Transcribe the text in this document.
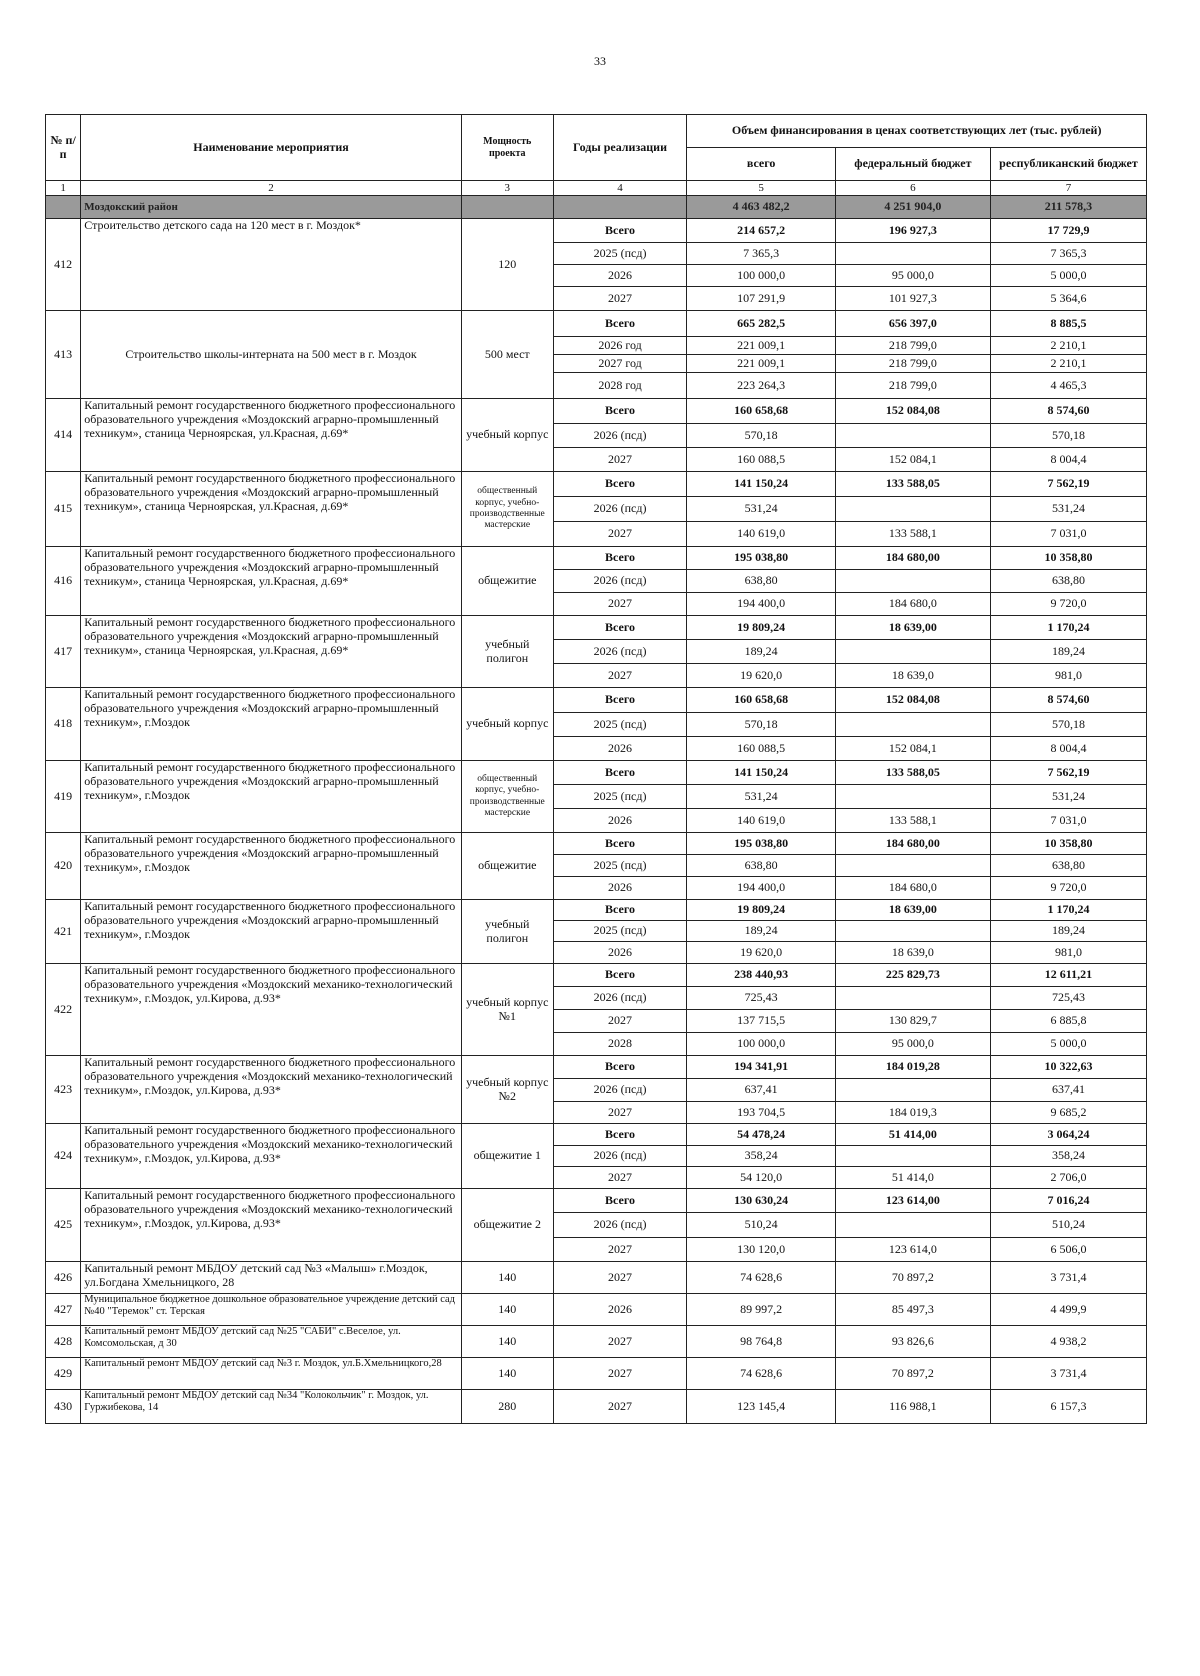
33
№ п/п	Наименование мероприятия	Мощность проекта	Годы реализации	Объем финансирования в ценах соответствующих лет (тыс. рублей)		
				всего	федеральный бюджет	республиканский бюджет
1	2	3	4	5	6	7
	Моздокский район			4 463 482,2	4 251 904,0	211 578,3
412	Строительство детского сада на 120 мест в г. Моздок*	120	Всего	214 657,2	196 927,3	17 729,9
			2025 (псд)	7 365,3		7 365,3
			2026	100 000,0	95 000,0	5 000,0
			2027	107 291,9	101 927,3	5 364,6
413	Строительство школы-интерната на 500 мест в г. Моздок	500 мест	Всего	665 282,5	656 397,0	8 885,5
			2026 год	221 009,1	218 799,0	2 210,1
			2027 год	221 009,1	218 799,0	2 210,1
			2028 год	223 264,3	218 799,0	4 465,3
414	Капитальный ремонт государственного бюджетного профессионального образовательного учреждения «Моздокский аграрно-промышленный техникум», станица Черноярская, ул.Красная, д.69*	учебный корпус	Всего	160 658,68	152 084,08	8 574,60
			2026 (псд)	570,18		570,18
			2027	160 088,5	152 084,1	8 004,4
415	Капитальный ремонт государственного бюджетного профессионального образовательного учреждения «Моздокский аграрно-промышленный техникум», станица Черноярская, ул.Красная, д.69*	общественный корпус, учебно-производственные мастерские	Всего	141 150,24	133 588,05	7 562,19
			2026 (псд)	531,24		531,24
			2027	140 619,0	133 588,1	7 031,0
416	Капитальный ремонт государственного бюджетного профессионального образовательного учреждения «Моздокский аграрно-промышленный техникум», станица Черноярская, ул.Красная, д.69*	общежитие	Всего	195 038,80	184 680,00	10 358,80
			2026 (псд)	638,80		638,80
			2027	194 400,0	184 680,0	9 720,0
417	Капитальный ремонт государственного бюджетного профессионального образовательного учреждения «Моздокский аграрно-промышленный техникум», станица Черноярская, ул.Красная, д.69*	учебный полигон	Всего	19 809,24	18 639,00	1 170,24
			2026 (псд)	189,24		189,24
			2027	19 620,0	18 639,0	981,0
418	Капитальный ремонт государственного бюджетного профессионального образовательного учреждения «Моздокский аграрно-промышленный техникум», г.Моздок	учебный корпус	Всего	160 658,68	152 084,08	8 574,60
			2025 (псд)	570,18		570,18
			2026	160 088,5	152 084,1	8 004,4
419	Капитальный ремонт государственного бюджетного профессионального образовательного учреждения «Моздокский аграрно-промышленный техникум», г.Моздок	общественный корпус, учебно-производственные мастерские	Всего	141 150,24	133 588,05	7 562,19
			2025 (псд)	531,24		531,24
			2026	140 619,0	133 588,1	7 031,0
420	Капитальный ремонт государственного бюджетного профессионального образовательного учреждения «Моздокский аграрно-промышленный техникум», г.Моздок	общежитие	Всего	195 038,80	184 680,00	10 358,80
			2025 (псд)	638,80		638,80
			2026	194 400,0	184 680,0	9 720,0
421	Капитальный ремонт государственного бюджетного профессионального образовательного учреждения «Моздокский аграрно-промышленный техникум», г.Моздок	учебный полигон	Всего	19 809,24	18 639,00	1 170,24
			2025 (псд)	189,24		189,24
			2026	19 620,0	18 639,0	981,0
422	Капитальный ремонт государственного бюджетного профессионального образовательного учреждения «Моздокский механико-технологический техникум», г.Моздок, ул.Кирова, д.93*	учебный корпус №1	Всего	238 440,93	225 829,73	12 611,21
			2026 (псд)	725,43		725,43
			2027	137 715,5	130 829,7	6 885,8
			2028	100 000,0	95 000,0	5 000,0
423	Капитальный ремонт государственного бюджетного профессионального образовательного учреждения «Моздокский механико-технологический техникум», г.Моздок, ул.Кирова, д.93*	учебный корпус №2	Всего	194 341,91	184 019,28	10 322,63
			2026 (псд)	637,41		637,41
			2027	193 704,5	184 019,3	9 685,2
424	Капитальный ремонт государственного бюджетного профессионального образовательного учреждения «Моздокский механико-технологический техникум», г.Моздок, ул.Кирова, д.93*	общежитие 1	Всего	54 478,24	51 414,00	3 064,24
			2026 (псд)	358,24		358,24
			2027	54 120,0	51 414,0	2 706,0
425	Капитальный ремонт государственного бюджетного профессионального образовательного учреждения «Моздокский механико-технологический техникум», г.Моздок, ул.Кирова, д.93*	общежитие 2	Всего	130 630,24	123 614,00	7 016,24
			2026 (псд)	510,24		510,24
			2027	130 120,0	123 614,0	6 506,0
426	Капитальный ремонт МБДОУ детский сад №3 «Малыш» г.Моздок, ул.Богдана Хмельницкого, 28	140	2027	74 628,6	70 897,2	3 731,4
427	Муниципальное бюджетное дошкольное образовательное учреждение детский сад №40 "Теремок" ст. Терская	140	2026	89 997,2	85 497,3	4 499,9
428	Капитальный ремонт МБДОУ детский сад №25 "САБИ" с.Веселое, ул. Комсомольская, д 30	140	2027	98 764,8	93 826,6	4 938,2
429	Капитальный ремонт МБДОУ детский сад №3 г. Моздок, ул.Б.Хмельницкого,28	140	2027	74 628,6	70 897,2	3 731,4
430	Капитальный ремонт МБДОУ детский сад №34 "Колокольчик" г. Моздок, ул. Гуржибекова, 14	280	2027	123 145,4	116 988,1	6 157,3
